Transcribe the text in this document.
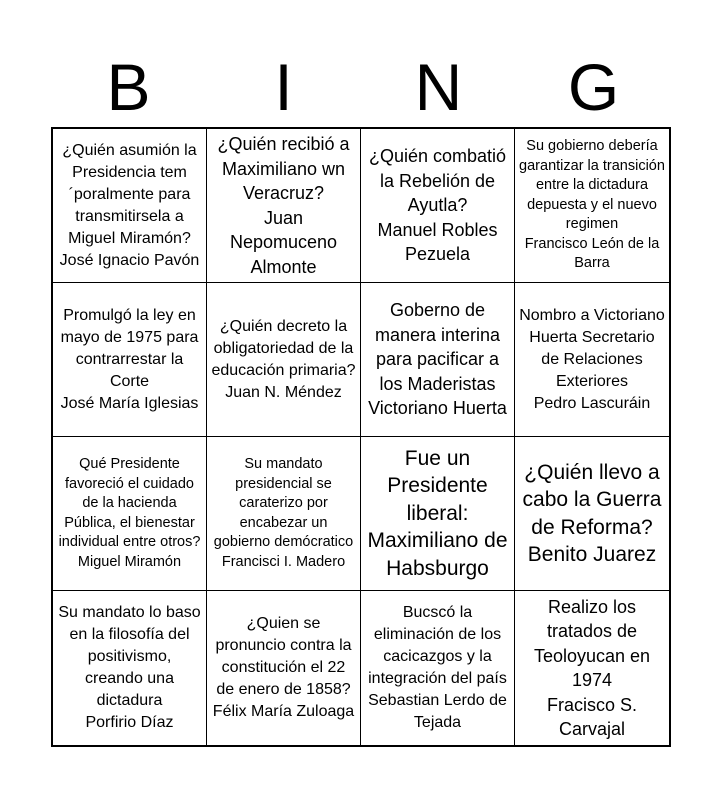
B	I	N	G
¿Quién asumión la Presidencia tem ´poralmente para transmitirsela a Miguel Miramón?
José Ignacio Pavón
¿Quién recibió a Maximiliano wn Veracruz?
Juan Nepomuceno Almonte
¿Quién combatió la Rebelión de Ayutla?
Manuel Robles Pezuela
Su gobierno debería garantizar la transición entre la dictadura depuesta y el nuevo regimen
Francisco León de la Barra
Promulgó la ley en mayo de 1975 para contrarrestar la Corte
José María Iglesias
¿Quién decreto la obligatoriedad de la educación primaria?
Juan N. Méndez
Goberno de manera interina para pacificar a los Maderistas
Victoriano Huerta
Nombro a Victoriano Huerta Secretario de Relaciones Exteriores
Pedro Lascuráin
Qué Presidente favoreció el cuidado de la hacienda Pública, el bienestar individual entre otros?
Miguel Miramón
Su mandato presidencial se caraterizo por encabezar un gobierno demócratico
Francisci I. Madero
Fue un Presidente liberal:
Maximiliano de Habsburgo
¿Quién llevo a cabo la Guerra de Reforma?
Benito Juarez
Su mandato lo baso en la filosofía del positivismo, creando una dictadura
Porfirio Díaz
¿Quien se pronuncio contra la constitución el 22 de enero de 1858?
Félix María Zuloaga
Bucscó la eliminación de los cacicazgos y la integración del país
Sebastian Lerdo de Tejada
Realizo los tratados de Teoloyucan en 1974
Fracisco S. Carvajal
